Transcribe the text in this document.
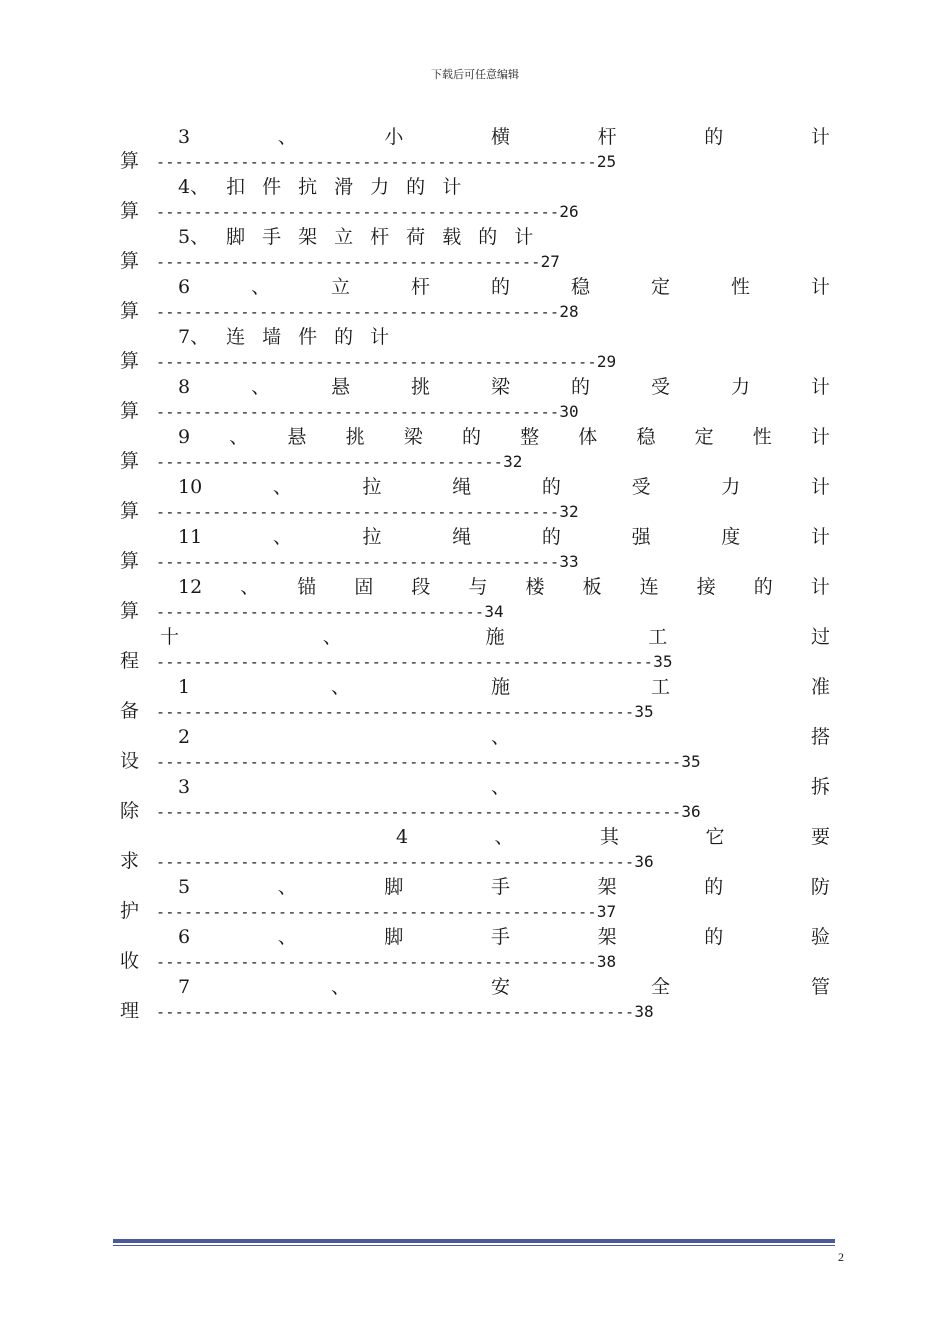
下载后可任意编辑
3	、	小	横	杆	的	计
算 -----------------------------------------------25
4、 扣 件 抗 滑 力 的 计
算 -------------------------------------------26
5、 脚 手 架 立 杆 荷 载 的 计
算 -----------------------------------------27
6	、	立	杆	的	稳	定	性	计
算 -------------------------------------------28
7、 连 墙 件 的 计
算 -----------------------------------------------29
8	、	悬	挑	梁	的	受	力	计
算 -------------------------------------------30
9 、 悬 挑 梁 的 整 体 稳 定 性 计
算 -------------------------------------32
10	、	拉	绳	的	受	力	计
算 -------------------------------------------32
11	、	拉	绳	的	强	度	计
算 -------------------------------------------33
12 、 锚 固 段 与 楼 板 连 接 的 计
算 -----------------------------------34
十	、	施	工	过
程 -----------------------------------------------------35
1	、	施	工	准
备 ---------------------------------------------------35
2	、	搭
设 --------------------------------------------------------35
3	、	拆
除 --------------------------------------------------------36
4	、	其	它	要
求 ---------------------------------------------------36
5	、	脚	手	架	的	防
护 -----------------------------------------------37
6	、	脚	手	架	的	验
收 -----------------------------------------------38
7	、	安	全	管
理 ---------------------------------------------------38
2
